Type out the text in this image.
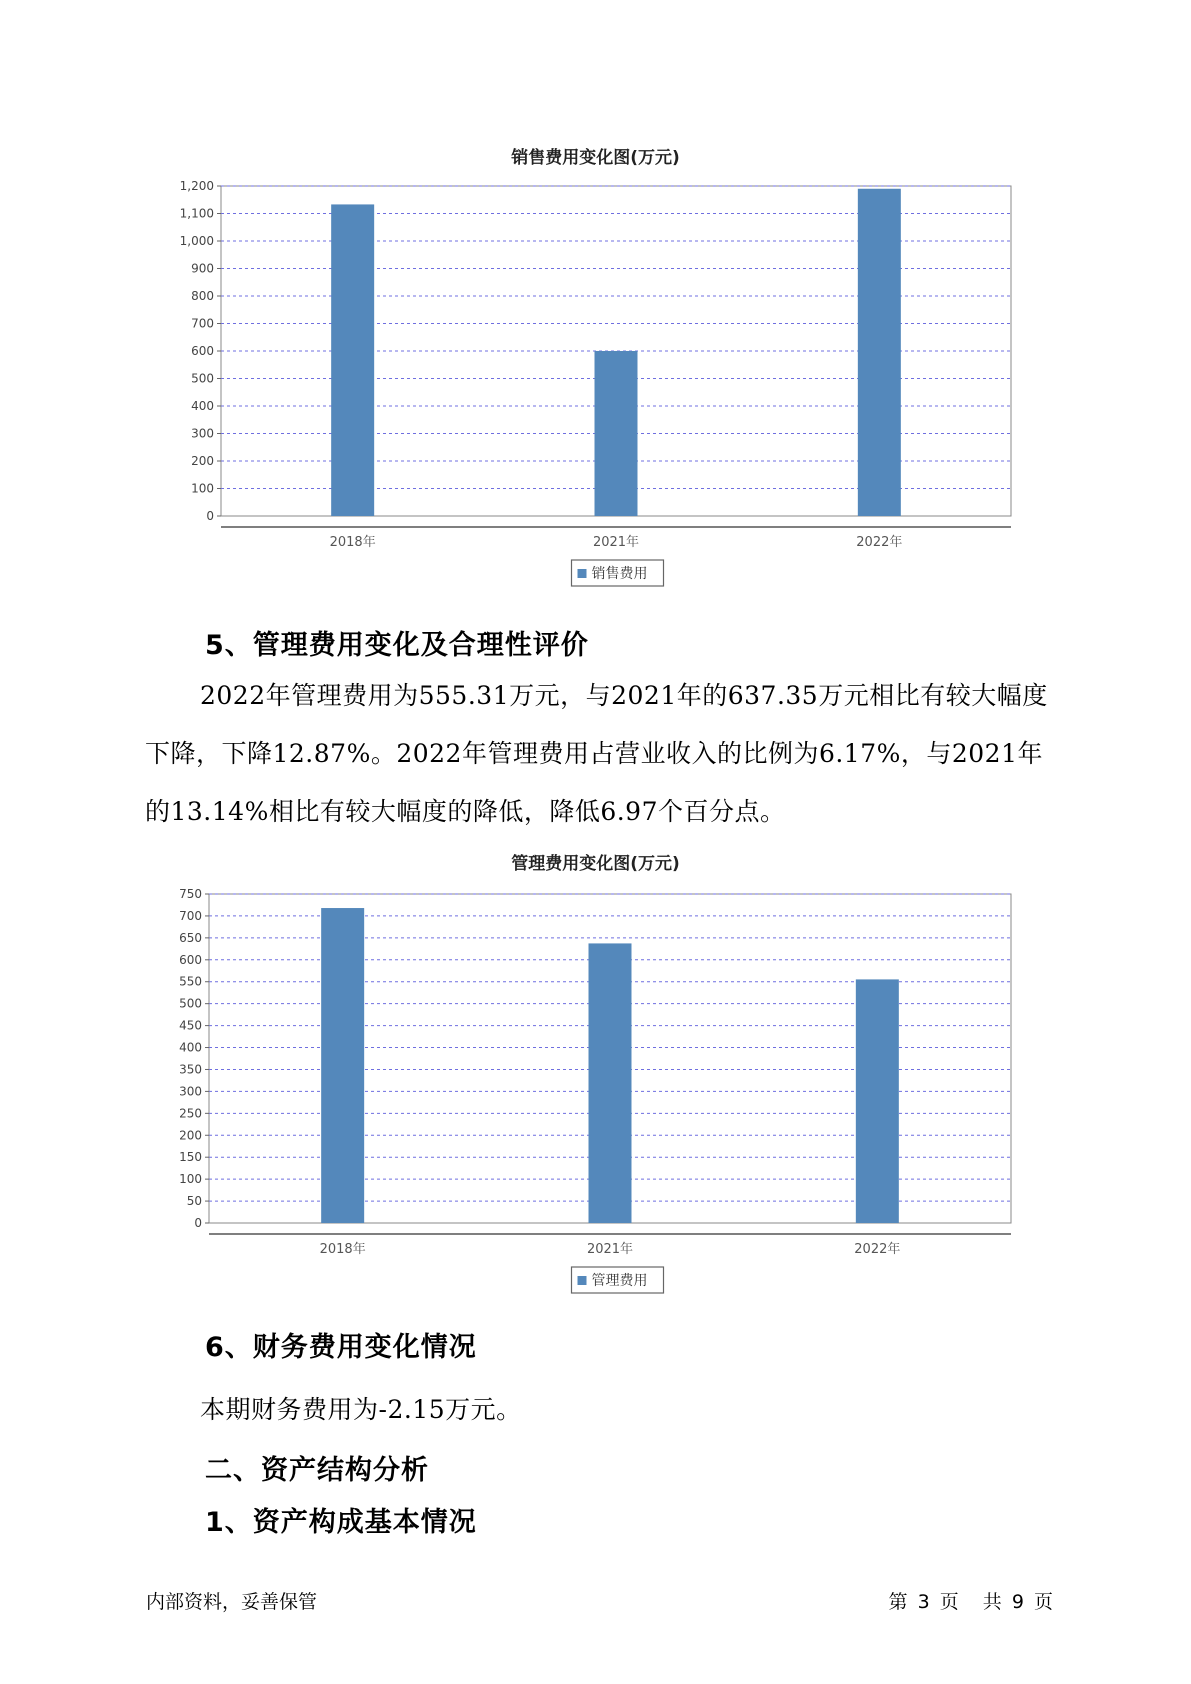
销售费用变化图(万元)
0
100
200
300
400
500
600
700
800
900
1,000
1,100
1,200
2018年	2021年	2022年
销售费用
5、管理费用变化及合理性评价
2022年管理费用为555.31万元，与2021年的637.35万元相比有较大幅度下降，下降12.87%。2022年管理费用占营业收入的比例为6.17%，与2021年的13.14%相比有较大幅度的降低，降低6.97个百分点。
管理费用变化图(万元)
0
50
100
150
200
250
300
350
400
450
500
550
600
650
700
750
2018年	2021年	2022年
管理费用
6、财务费用变化情况
本期财务费用为-2.15万元。
二、资产结构分析
1、资产构成基本情况
内部资料，妥善保管	第 3 页 共 9 页
